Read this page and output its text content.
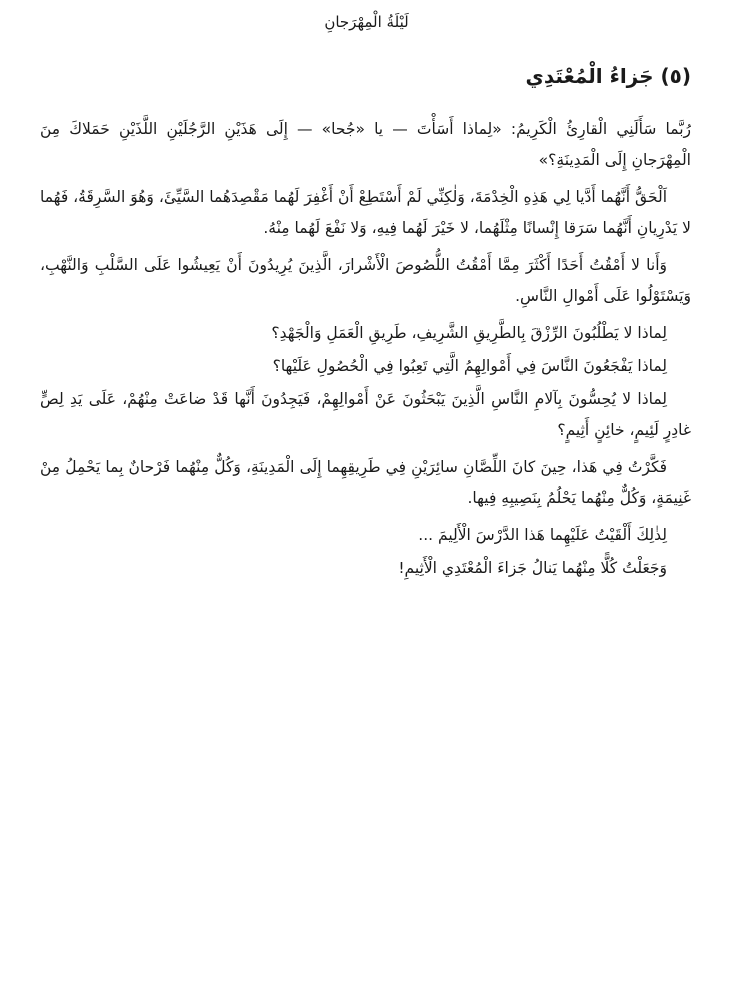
لَيْلَةُ الْمِهْرَجانِ
(٥) جَزاءُ الْمُعْتَدِي

رُبَّما سَأَلَنِي الْقارِئُ الْكَرِيمُ: «لِماذا أَسَأْتَ — يا «جُحا» — إِلَى هَذَيْنِ الرَّجُلَيْنِ اللَّذَيْنِ حَمَلاكَ مِنَ الْمِهْرَجانِ إِلَى الْمَدِينَةِ؟»

اَلْحَقُّ أَنَّهُما أَدَّيا لِي هَذِهِ الْخِدْمَةَ، وَلٰكِنِّي لَمْ أَسْتَطِعْ أَنْ أَغْفِرَ لَهُما مَقْصِدَهُما السَّيِّئَ، وَهُوَ السَّرِقَةُ، فَهُما لا يَدْرِيانِ أَنَّهُما سَرَقا إِنْسانًا مِثْلَهُما، لا خَيْرَ لَهُما فِيهِ، وَلا نَفْعَ لَهُما مِنْهُ.

وَأَنا لا أَمْقُتُ أَحَدًا أَكْثَرَ مِمَّا أَمْقُتُ اللُّصُوصَ الْأَشْرارَ، الَّذِينَ يُرِيدُونَ أَنْ يَعِيشُوا عَلَى السَّلْبِ وَالنَّهْبِ، وَيَسْتَوْلُوا عَلَى أَمْوالِ النَّاسِ.

لِماذا لا يَطْلُبُونَ الرِّزْقَ بِالطَّرِيقِ الشَّرِيفِ، طَرِيقِ الْعَمَلِ وَالْجَهْدِ؟

لِماذا يَفْجَعُونَ النَّاسَ فِي أَمْوالِهِمُ الَّتِي تَعِبُوا فِي الْحُصُولِ عَلَيْها؟

لِماذا لا يُحِسُّونَ بِآلامِ النَّاسِ الَّذِينَ يَبْحَثُونَ عَنْ أَمْوالِهِمْ، فَيَجِدُونَ أَنَّها قَدْ ضاعَتْ مِنْهُمْ، عَلَى يَدِ لِصٍّ غادِرٍ لَئِيمٍ، خائِنٍ أَثِيمٍ؟

فَكَّرْتُ فِي هَذا، حِينَ كانَ اللِّصَّانِ سائِرَيْنِ فِي طَرِيقِهِما إِلَى الْمَدِينَةِ، وَكُلٌّ مِنْهُما فَرْحانٌ بِما يَحْمِلُ مِنْ غَنِيمَةٍ، وَكُلٌّ مِنْهُما يَحْلُمُ بِنَصِيبِهِ فِيها.

لِذٰلِكَ أَلْقَيْتُ عَلَيْهِما هَذا الدَّرْسَ الْأَلِيمَ ...

وَجَعَلْتُ كُلًّا مِنْهُما يَنالُ جَزاءَ الْمُعْتَدِي الْأَثِيمِ!
